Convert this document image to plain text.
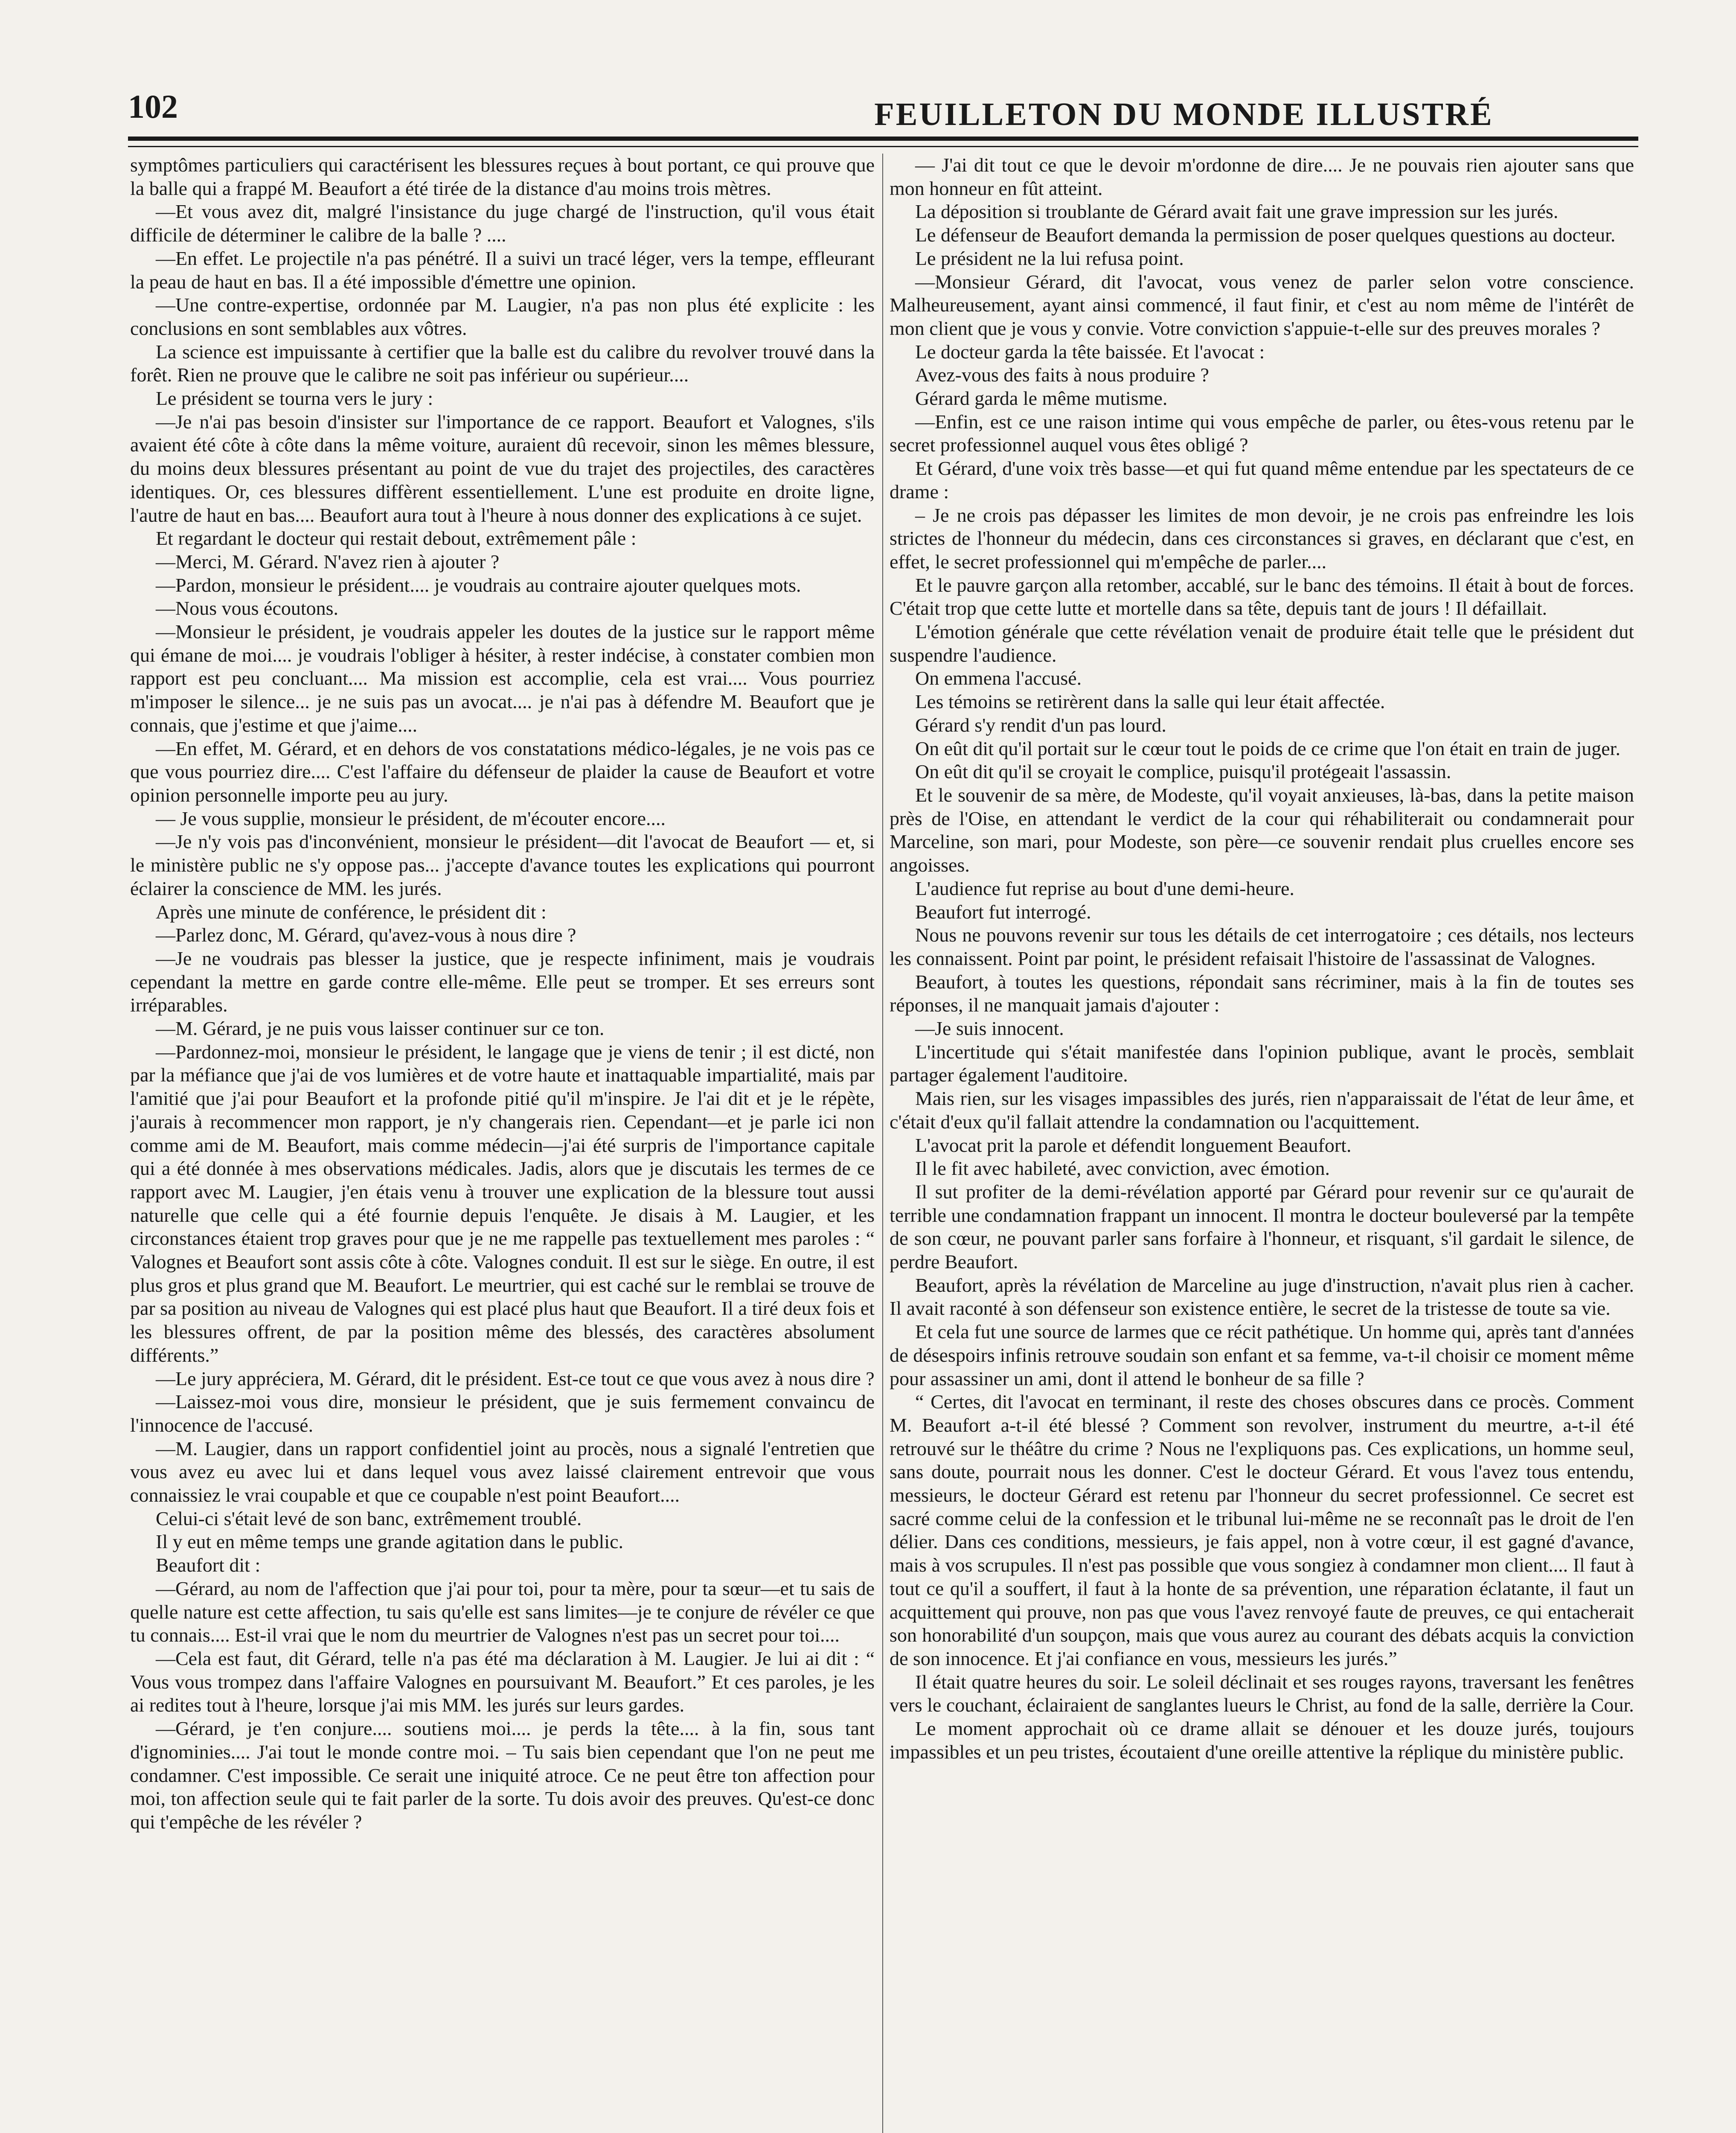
102	FEUILLETON DU MONDE ILLUSTRÉ

symptômes particuliers qui caractérisent les blessures reçues à bout portant, ce qui prouve que la balle qui a frappé M. Beaufort a été tirée de la distance d'au moins trois mètres.

—Et vous avez dit, malgré l'insistance du juge chargé de l'instruction, qu'il vous était difficile de déterminer le calibre de la balle ? ....

—En effet. Le projectile n'a pas pénétré. Il a suivi un tracé léger, vers la tempe, effleurant la peau de haut en bas. Il a été impossible d'émettre une opinion.

—Une contre-expertise, ordonnée par M. Laugier, n'a pas non plus été explicite : les conclusions en sont semblables aux vôtres.

La science est impuissante à certifier que la balle est du calibre du revolver trouvé dans la forêt. Rien ne prouve que le calibre ne soit pas inférieur ou supérieur....

Le président se tourna vers le jury :

—Je n'ai pas besoin d'insister sur l'importance de ce rapport. Beaufort et Valognes, s'ils avaient été côte à côte dans la même voiture, auraient dû recevoir, sinon les mêmes blessure, du moins deux blessures présentant au point de vue du trajet des projectiles, des caractères identiques. Or, ces blessures diffèrent essentiellement. L'une est produite en droite ligne, l'autre de haut en bas.... Beaufort aura tout à l'heure à nous donner des explications à ce sujet.

Et regardant le docteur qui restait debout, extrêmement pâle :

—Merci, M. Gérard. N'avez rien à ajouter ?

—Pardon, monsieur le président.... je voudrais au contraire ajouter quelques mots.

—Nous vous écoutons.

—Monsieur le président, je voudrais appeler les doutes de la justice sur le rapport même qui émane de moi.... je voudrais l'obliger à hésiter, à rester indécise, à constater combien mon rapport est peu concluant.... Ma mission est accomplie, cela est vrai.... Vous pourriez m'imposer le silence... je ne suis pas un avocat.... je n'ai pas à défendre M. Beaufort que je connais, que j'estime et que j'aime....

—En effet, M. Gérard, et en dehors de vos constatations médico-légales, je ne vois pas ce que vous pourriez dire.... C'est l'affaire du défenseur de plaider la cause de Beaufort et votre opinion personnelle importe peu au jury.

— Je vous supplie, monsieur le président, de m'écouter encore....

—Je n'y vois pas d'inconvénient, monsieur le président—dit l'avocat de Beaufort — et, si le ministère public ne s'y oppose pas... j'accepte d'avance toutes les explications qui pourront éclairer la conscience de MM. les jurés.

Après une minute de conférence, le président dit :

—Parlez donc, M. Gérard, qu'avez-vous à nous dire ?

—Je ne voudrais pas blesser la justice, que je respecte infiniment, mais je voudrais cependant la mettre en garde contre elle-même. Elle peut se tromper. Et ses erreurs sont irréparables.

—M. Gérard, je ne puis vous laisser continuer sur ce ton.

—Pardonnez-moi, monsieur le président, le langage que je viens de tenir ; il est dicté, non par la méfiance que j'ai de vos lumières et de votre haute et inattaquable impartialité, mais par l'amitié que j'ai pour Beaufort et la profonde pitié qu'il m'inspire. Je l'ai dit et je le répète, j'aurais à recommencer mon rapport, je n'y changerais rien. Cependant—et je parle ici non comme ami de M. Beaufort, mais comme médecin—j'ai été surpris de l'importance capitale qui a été donnée à mes observations médicales. Jadis, alors que je discutais les termes de ce rapport avec M. Laugier, j'en étais venu à trouver une explication de la blessure tout aussi naturelle que celle qui a été fournie depuis l'enquête. Je disais à M. Laugier, et les circonstances étaient trop graves pour que je ne me rappelle pas textuellement mes paroles : “ Valognes et Beaufort sont assis côte à côte. Valognes conduit. Il est sur le siège. En outre, il est plus gros et plus grand que M. Beaufort. Le meurtrier, qui est caché sur le remblai se trouve de par sa position au niveau de Valognes qui est placé plus haut que Beaufort. Il a tiré deux fois et les blessures offrent, de par la position même des blessés, des caractères absolument différents.”

—Le jury appréciera, M. Gérard, dit le président. Est-ce tout ce que vous avez à nous dire ?

—Laissez-moi vous dire, monsieur le président, que je suis fermement convaincu de l'innocence de l'accusé.

—M. Laugier, dans un rapport confidentiel joint au procès, nous a signalé l'entretien que vous avez eu avec lui et dans lequel vous avez laissé clairement entrevoir que vous connaissiez le vrai coupable et que ce coupable n'est point Beaufort....

Celui-ci s'était levé de son banc, extrêmement troublé.

Il y eut en même temps une grande agitation dans le public.

Beaufort dit :

—Gérard, au nom de l'affection que j'ai pour toi, pour ta mère, pour ta sœur—et tu sais de quelle nature est cette affection, tu sais qu'elle est sans limites—je te conjure de révéler ce que tu connais.... Est-il vrai que le nom du meurtrier de Valognes n'est pas un secret pour toi....

—Cela est faut, dit Gérard, telle n'a pas été ma déclaration à M. Laugier. Je lui ai dit : “ Vous vous trompez dans l'affaire Valognes en poursuivant M. Beaufort.” Et ces paroles, je les ai redites tout à l'heure, lorsque j'ai mis MM. les jurés sur leurs gardes.

—Gérard, je t'en conjure.... soutiens moi.... je perds la tête.... à la fin, sous tant d'ignominies.... J'ai tout le monde contre moi. – Tu sais bien cependant que l'on ne peut me condamner. C'est impossible. Ce serait une iniquité atroce. Ce ne peut être ton affection pour moi, ton affection seule qui te fait parler de la sorte. Tu dois avoir des preuves. Qu'est-ce donc qui t'empêche de les révéler ?

— J'ai dit tout ce que le devoir m'ordonne de dire.... Je ne pouvais rien ajouter sans que mon honneur en fût atteint.

La déposition si troublante de Gérard avait fait une grave impression sur les jurés.

Le défenseur de Beaufort demanda la permission de poser quelques questions au docteur.

Le président ne la lui refusa point.

—Monsieur Gérard, dit l'avocat, vous venez de parler selon votre conscience. Malheureusement, ayant ainsi commencé, il faut finir, et c'est au nom même de l'intérêt de mon client que je vous y convie. Votre conviction s'appuie-t-elle sur des preuves morales ?

Le docteur garda la tête baissée. Et l'avocat :

Avez-vous des faits à nous produire ?

Gérard garda le même mutisme.

—Enfin, est ce une raison intime qui vous empêche de parler, ou êtes-vous retenu par le secret professionnel auquel vous êtes obligé ?

Et Gérard, d'une voix très basse—et qui fut quand même entendue par les spectateurs de ce drame :

– Je ne crois pas dépasser les limites de mon devoir, je ne crois pas enfreindre les lois strictes de l'honneur du médecin, dans ces circonstances si graves, en déclarant que c'est, en effet, le secret professionnel qui m'empêche de parler....

Et le pauvre garçon alla retomber, accablé, sur le banc des témoins. Il était à bout de forces. C'était trop que cette lutte et mortelle dans sa tête, depuis tant de jours ! Il défaillait.

L'émotion générale que cette révélation venait de produire était telle que le président dut suspendre l'audience.

On emmena l'accusé.

Les témoins se retirèrent dans la salle qui leur était affectée.

Gérard s'y rendit d'un pas lourd.

On eût dit qu'il portait sur le cœur tout le poids de ce crime que l'on était en train de juger.

On eût dit qu'il se croyait le complice, puisqu'il protégeait l'assassin.

Et le souvenir de sa mère, de Modeste, qu'il voyait anxieuses, là-bas, dans la petite maison près de l'Oise, en attendant le verdict de la cour qui réhabiliterait ou condamnerait pour Marceline, son mari, pour Modeste, son père—ce souvenir rendait plus cruelles encore ses angoisses.

L'audience fut reprise au bout d'une demi-heure.

Beaufort fut interrogé.

Nous ne pouvons revenir sur tous les détails de cet interrogatoire ; ces détails, nos lecteurs les connaissent. Point par point, le président refaisait l'histoire de l'assassinat de Valognes.

Beaufort, à toutes les questions, répondait sans récriminer, mais à la fin de toutes ses réponses, il ne manquait jamais d'ajouter :

—Je suis innocent.

L'incertitude qui s'était manifestée dans l'opinion publique, avant le procès, semblait partager également l'auditoire.

Mais rien, sur les visages impassibles des jurés, rien n'apparaissait de l'état de leur âme, et c'était d'eux qu'il fallait attendre la condamnation ou l'acquittement.

L'avocat prit la parole et défendit longuement Beaufort.

Il le fit avec habileté, avec conviction, avec émotion.

Il sut profiter de la demi-révélation apporté par Gérard pour revenir sur ce qu'aurait de terrible une condamnation frappant un innocent. Il montra le docteur bouleversé par la tempête de son cœur, ne pouvant parler sans forfaire à l'honneur, et risquant, s'il gardait le silence, de perdre Beaufort.

Beaufort, après la révélation de Marceline au juge d'instruction, n'avait plus rien à cacher. Il avait raconté à son défenseur son existence entière, le secret de la tristesse de toute sa vie.

Et cela fut une source de larmes que ce récit pathétique. Un homme qui, après tant d'années de désespoirs infinis retrouve soudain son enfant et sa femme, va-t-il choisir ce moment même pour assassiner un ami, dont il attend le bonheur de sa fille ?

“ Certes, dit l'avocat en terminant, il reste des choses obscures dans ce procès. Comment M. Beaufort a-t-il été blessé ? Comment son revolver, instrument du meurtre, a-t-il été retrouvé sur le théâtre du crime ? Nous ne l'expliquons pas. Ces explications, un homme seul, sans doute, pourrait nous les donner. C'est le docteur Gérard. Et vous l'avez tous entendu, messieurs, le docteur Gérard est retenu par l'honneur du secret professionnel. Ce secret est sacré comme celui de la confession et le tribunal lui-même ne se reconnaît pas le droit de l'en délier. Dans ces conditions, messieurs, je fais appel, non à votre cœur, il est gagné d'avance, mais à vos scrupules. Il n'est pas possible que vous songiez à condamner mon client.... Il faut à tout ce qu'il a souffert, il faut à la honte de sa prévention, une réparation éclatante, il faut un acquittement qui prouve, non pas que vous l'avez renvoyé faute de preuves, ce qui entacherait son honorabilité d'un soupçon, mais que vous aurez au courant des débats acquis la conviction de son innocence. Et j'ai confiance en vous, messieurs les jurés.”

Il était quatre heures du soir. Le soleil déclinait et ses rouges rayons, traversant les fenêtres vers le couchant, éclairaient de sanglantes lueurs le Christ, au fond de la salle, derrière la Cour.

Le moment approchait où ce drame allait se dénouer et les douze jurés, toujours impassibles et un peu tristes, écoutaient d'une oreille attentive la réplique du ministère public.
